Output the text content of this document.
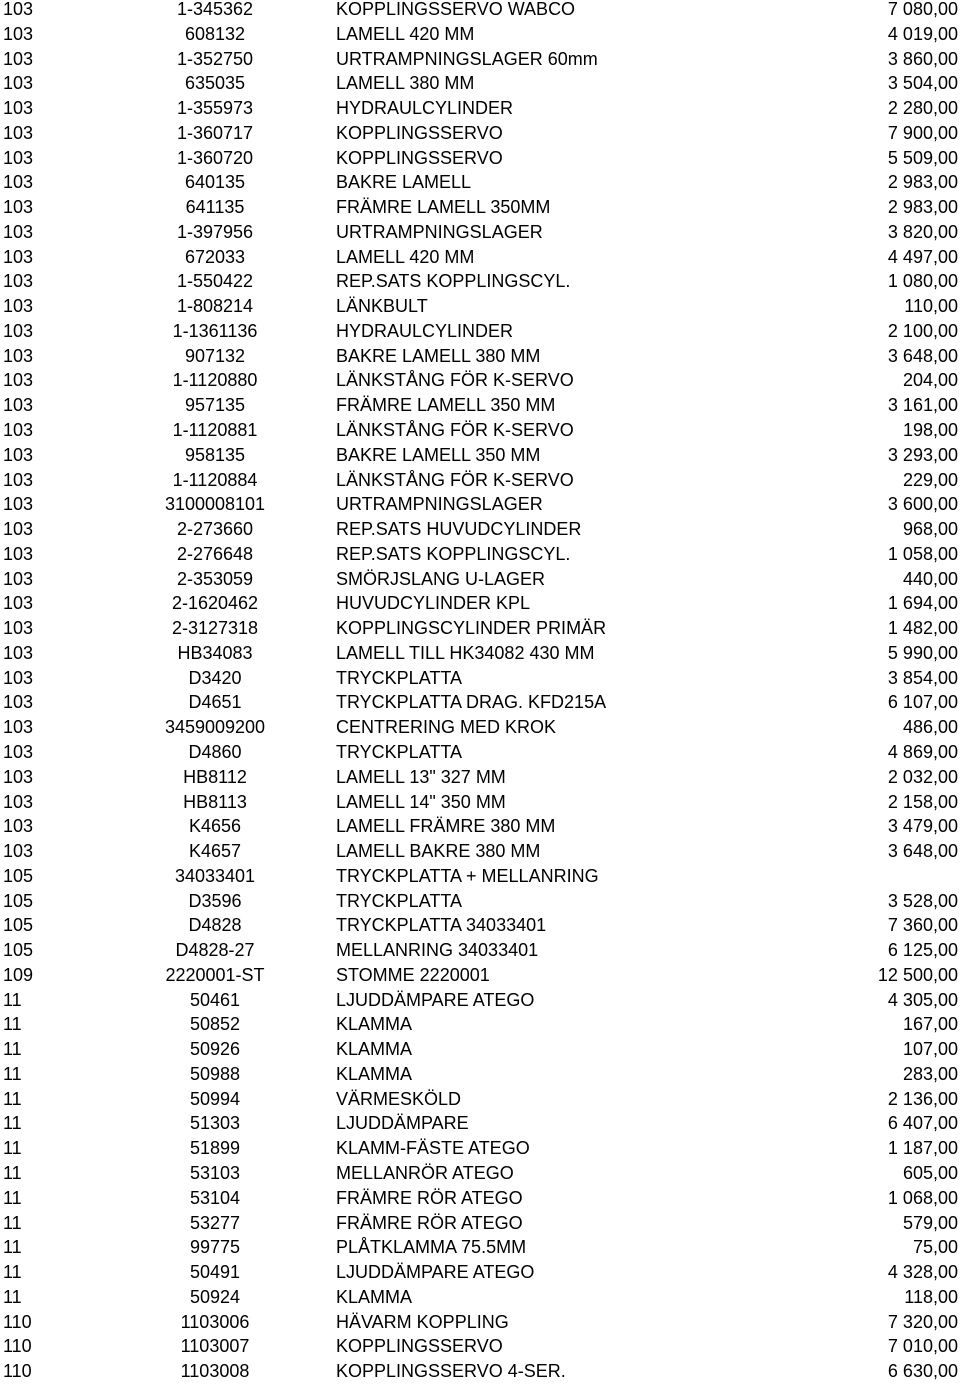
103	1-345362	KOPPLINGSSERVO WABCO	7 080,00
103	608132	LAMELL 420 MM	4 019,00
103	1-352750	URTRAMPNINGSLAGER 60mm	3 860,00
103	635035	LAMELL 380 MM	3 504,00
103	1-355973	HYDRAULCYLINDER	2 280,00
103	1-360717	KOPPLINGSSERVO	7 900,00
103	1-360720	KOPPLINGSSERVO	5 509,00
103	640135	BAKRE LAMELL	2 983,00
103	641135	FRÄMRE LAMELL 350MM	2 983,00
103	1-397956	URTRAMPNINGSLAGER	3 820,00
103	672033	LAMELL 420 MM	4 497,00
103	1-550422	REP.SATS KOPPLINGSCYL.	1 080,00
103	1-808214	LÄNKBULT	110,00
103	1-1361136	HYDRAULCYLINDER	2 100,00
103	907132	BAKRE LAMELL 380 MM	3 648,00
103	1-1120880	LÄNKSTÅNG FÖR K-SERVO	204,00
103	957135	FRÄMRE LAMELL 350 MM	3 161,00
103	1-1120881	LÄNKSTÅNG FÖR K-SERVO	198,00
103	958135	BAKRE LAMELL 350 MM	3 293,00
103	1-1120884	LÄNKSTÅNG FÖR K-SERVO	229,00
103	3100008101	URTRAMPNINGSLAGER	3 600,00
103	2-273660	REP.SATS HUVUDCYLINDER	968,00
103	2-276648	REP.SATS KOPPLINGSCYL.	1 058,00
103	2-353059	SMÖRJSLANG U-LAGER	440,00
103	2-1620462	HUVUDCYLINDER KPL	1 694,00
103	2-3127318	KOPPLINGSCYLINDER PRIMÄR	1 482,00
103	HB34083	LAMELL TILL HK34082 430 MM	5 990,00
103	D3420	TRYCKPLATTA	3 854,00
103	D4651	TRYCKPLATTA DRAG. KFD215A	6 107,00
103	3459009200	CENTRERING MED KROK	486,00
103	D4860	TRYCKPLATTA	4 869,00
103	HB8112	LAMELL 13" 327 MM	2 032,00
103	HB8113	LAMELL 14" 350 MM	2 158,00
103	K4656	LAMELL FRÄMRE 380 MM	3 479,00
103	K4657	LAMELL BAKRE 380 MM	3 648,00
105	34033401	TRYCKPLATTA + MELLANRING
105	D3596	TRYCKPLATTA	3 528,00
105	D4828	TRYCKPLATTA 34033401	7 360,00
105	D4828-27	MELLANRING 34033401	6 125,00
109	2220001-ST	STOMME 2220001	12 500,00
11	50461	LJUDDÄMPARE ATEGO	4 305,00
11	50852	KLAMMA	167,00
11	50926	KLAMMA	107,00
11	50988	KLAMMA	283,00
11	50994	VÄRMESKÖLD	2 136,00
11	51303	LJUDDÄMPARE	6 407,00
11	51899	KLAMM-FÄSTE ATEGO	1 187,00
11	53103	MELLANRÖR ATEGO	605,00
11	53104	FRÄMRE RÖR ATEGO	1 068,00
11	53277	FRÄMRE RÖR ATEGO	579,00
11	99775	PLÅTKLAMMA 75.5MM	75,00
11	50491	LJUDDÄMPARE ATEGO	4 328,00
11	50924	KLAMMA	118,00
110	1103006	HÄVARM KOPPLING	7 320,00
110	1103007	KOPPLINGSSERVO	7 010,00
110	1103008	KOPPLINGSSERVO 4-SER.	6 630,00
